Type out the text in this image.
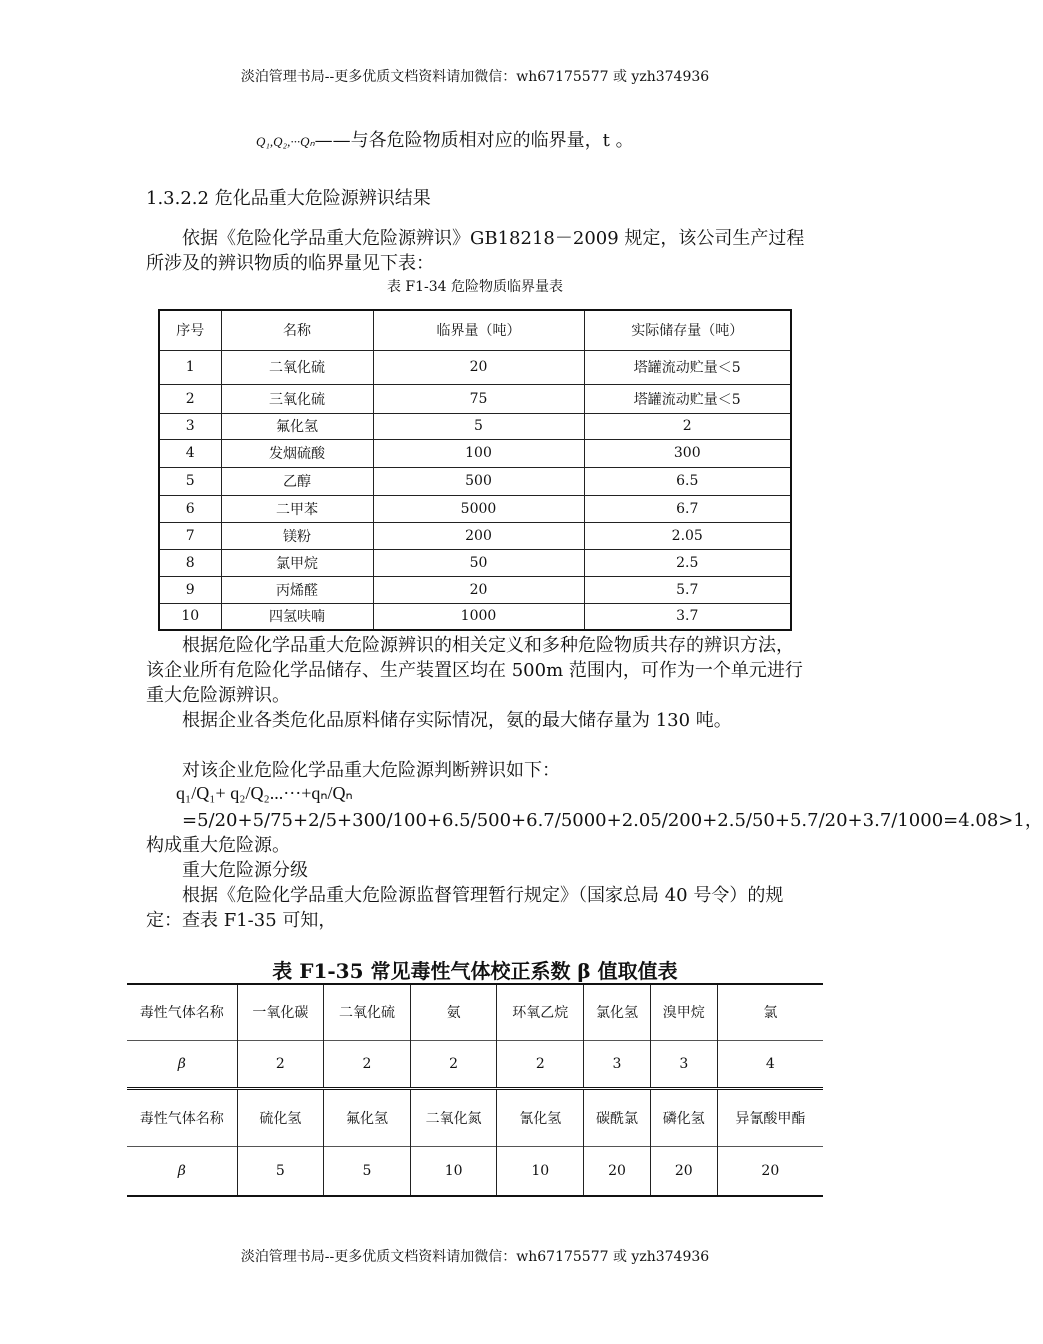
淡泊管理书局--更多优质文档资料请加微信：wh67175577 或 yzh374936
Q₁,Q₂,···Qₙ——与各危险物质相对应的临界量，t 。
1.3.2.2 危化品重大危险源辨识结果
依据《危险化学品重大危险源辨识》GB18218－2009 规定，该公司生产过程所涉及的辨识物质的临界量见下表：
表 F1-34 危险物质临界量表
序号	名称	临界量（吨）	实际储存量（吨）
1	二氧化硫	20	塔罐流动贮量＜5
2	三氧化硫	75	塔罐流动贮量＜5
3	氟化氢	5	2
4	发烟硫酸	100	300
5	乙醇	500	6.5
6	二甲苯	5000	6.7
7	镁粉	200	2.05
8	氯甲烷	50	2.5
9	丙烯醛	20	5.7
10	四氢呋喃	1000	3.7
根据危险化学品重大危险源辨识的相关定义和多种危险物质共存的辨识方法，该企业所有危险化学品储存、生产装置区均在 500m 范围内，可作为一个单元进行重大危险源辨识。
根据企业各类危化品原料储存实际情况，氨的最大储存量为 130 吨。
对该企业危险化学品重大危险源判断辨识如下：
q₁/Q₁+ q₂/Q₂...···+qₙ/Qₙ
=5/20+5/75+2/5+300/100+6.5/500+6.7/5000+2.05/200+2.5/50+5.7/20+3.7/1000=4.08>1，构成重大危险源。
重大危险源分级
根据《危险化学品重大危险源监督管理暂行规定》（国家总局 40 号令）的规定：查表 F1-35 可知，
表 F1-35 常见毒性气体校正系数 β 值取值表
毒性气体名称	一氧化碳	二氧化硫	氨	环氧乙烷	氯化氢	溴甲烷	氯
β	2	2	2	2	3	3	4
毒性气体名称	硫化氢	氟化氢	二氧化氮	氰化氢	碳酰氯	磷化氢	异氰酸甲酯
β	5	5	10	10	20	20	20
淡泊管理书局--更多优质文档资料请加微信：wh67175577 或 yzh374936
